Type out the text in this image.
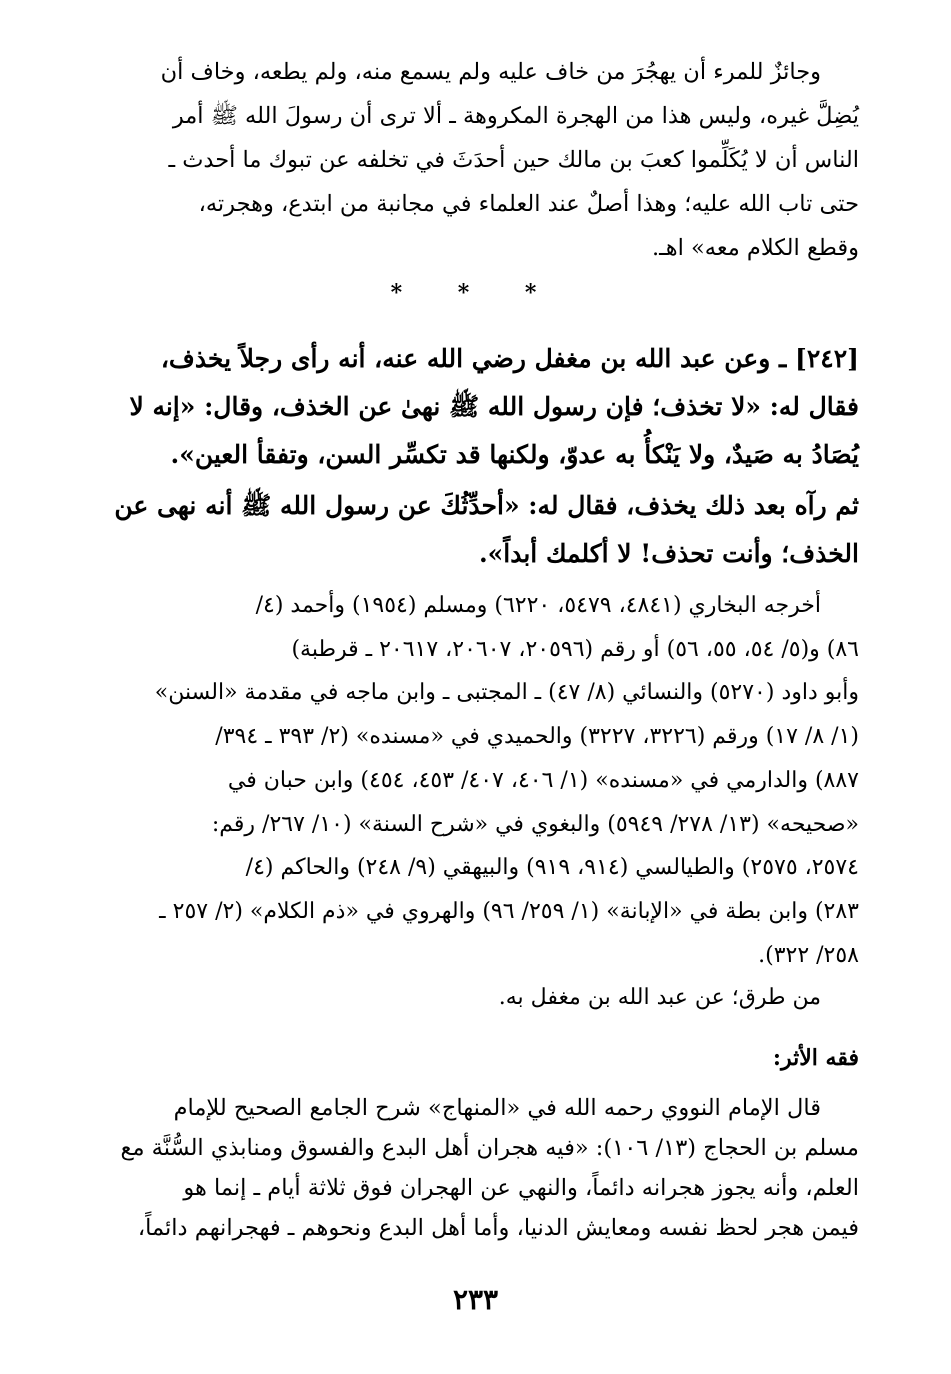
وجائزٌ للمرء أن يهجُرَ من خاف عليه ولم يسمع منه، ولم يطعه، وخاف أن
يُضِلَّ غيره، وليس هذا من الهجرة المكروهة ـ ألا ترى أن رسولَ الله ﷺ أمر
الناس أن لا يُكَلِّموا كعبَ بن مالك حين أحدَثَ في تخلفه عن تبوك ما أحدث ـ
حتى تاب الله عليه؛ وهذا أصلٌ عند العلماء في مجانبة من ابتدع، وهجرته،
وقطع الكلام معه» اهـ.
* * *
[٢٤٢] ـ وعن عبد الله بن مغفل رضي الله عنه، أنه رأى رجلاً يخذف،
فقال له: «لا تخذف؛ فإن رسول الله ﷺ نهىٰ عن الخذف، وقال: «إنه لا
يُصَادُ به صَيدٌ، ولا يَنْكأُ به عدوّ، ولكنها قد تكسِّر السن، وتفقأ العين».
ثم رآه بعد ذلك يخذف، فقال له: «أحدِّثُكَ عن رسول الله ﷺ أنه نهى عن
الخذف؛ وأنت تحذف! لا أكلمك أبداً».
أخرجه البخاري (٤٨٤١، ٥٤٧٩، ٦٢٢٠) ومسلم (١٩٥٤) وأحمد (٤/
٨٦) و(٥/ ٥٤، ٥٥، ٥٦) أو رقم (٢٠٥٩٦، ٢٠٦٠٧، ٢٠٦١٧ ـ قرطبة)
وأبو داود (٥٢٧٠) والنسائي (٨/ ٤٧) ـ المجتبى ـ وابن ماجه في مقدمة «السنن»
(١/ ٨/ ١٧) ورقم (٣٢٢٦، ٣٢٢٧) والحميدي في «مسنده» (٢/ ٣٩٣ ـ ٣٩٤/
٨٨٧) والدارمي في «مسنده» (١/ ٤٠٦، ٤٠٧/ ٤٥٣، ٤٥٤) وابن حبان في
«صحيحه» (١٣/ ٢٧٨/ ٥٩٤٩) والبغوي في «شرح السنة» (١٠/ ٢٦٧/ رقم:
٢٥٧٤، ٢٥٧٥) والطيالسي (٩١٤، ٩١٩) والبيهقي (٩/ ٢٤٨) والحاكم (٤/
٢٨٣) وابن بطة في «الإبانة» (١/ ٢٥٩/ ٩٦) والهروي في «ذم الكلام» (٢/ ٢٥٧ ـ
٢٥٨/ ٣٢٢).
من طرق؛ عن عبد الله بن مغفل به.
فقه الأثر:
قال الإمام النووي رحمه الله في «المنهاج» شرح الجامع الصحيح للإمام
مسلم بن الحجاج (١٣/ ١٠٦): «فيه هجران أهل البدع والفسوق ومنابذي السُّنَّة مع
العلم، وأنه يجوز هجرانه دائماً، والنهي عن الهجران فوق ثلاثة أيام ـ إنما هو
فيمن هجر لحظ نفسه ومعايش الدنيا، وأما أهل البدع ونحوهم ـ فهجرانهم دائماً،
٢٣٣
